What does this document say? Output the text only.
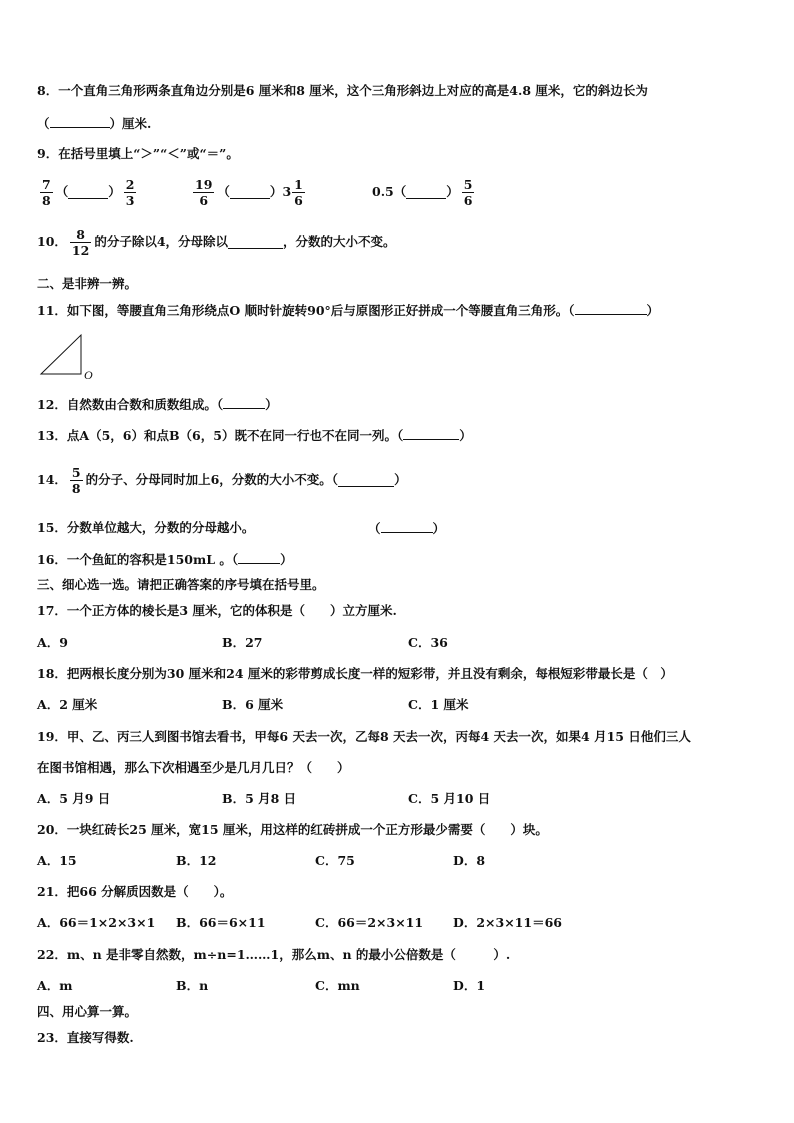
8．一个直角三角形两条直角边分别是6 厘米和8 厘米，这个三角形斜边上对应的高是4.8 厘米，它的斜边长为
（	）厘米.
9．在括号里填上“＞”“＜”或“＝”。
$\frac{7}{8}$ （	） $\frac{2}{3}$	$\frac{19}{6}$ （	） $3 \frac{1}{6}$	0.5 （	） $\frac{5}{6}$
10． $\frac{8}{12}$ 的分子除以4，分母除以	，分数的大小不变。
二、是非辨一辨。
11．如下图，等腰直角三角形绕点O 顺时针旋转90°后与原图形正好拼成一个等腰直角三角形。（	）
O
12．自然数由合数和质数组成。（	）
13．点A（5，6）和点B（6，5）既不在同一行也不在同一列。（	）
14． $\frac{5}{8}$ 的分子、分母同时加上6，分数的大小不变。（	）
15．分数单位越大，分数的分母越小。	（	）
16．一个鱼缸的容积是150mL 。（	）
三、细心选一选。请把正确答案的序号填在括号里。
17．一个正方体的棱长是3 厘米，它的体积是（　　）立方厘米.
A．9	B．27	C．36
18．把两根长度分别为30 厘米和24 厘米的彩带剪成长度一样的短彩带，并且没有剩余，每根短彩带最长是（　）
A．2 厘米	B．6 厘米	C．1 厘米
19．甲、乙、丙三人到图书馆去看书，甲每6 天去一次，乙每8 天去一次，丙每4 天去一次，如果4 月15 日他们三人
在图书馆相遇，那么下次相遇至少是几月几日？（　　）
A．5 月9 日	B．5 月8 日	C．5 月10 日
20．一块红砖长25 厘米，宽15 厘米，用这样的红砖拼成一个正方形最少需要（　　）块。
A．15	B．12	C．75	D．8
21．把66 分解质因数是（　　）。
A．66＝1×2×3×1 B．66＝6×11	C．66＝2×3×11 D．2×3×11＝66
22．m、n 是非零自然数，m÷n=1……1，那么m、n 的最小公倍数是（　　　）.
A．m	B．n	C．mn	D．1
四、用心算一算。
23．直接写得数.
